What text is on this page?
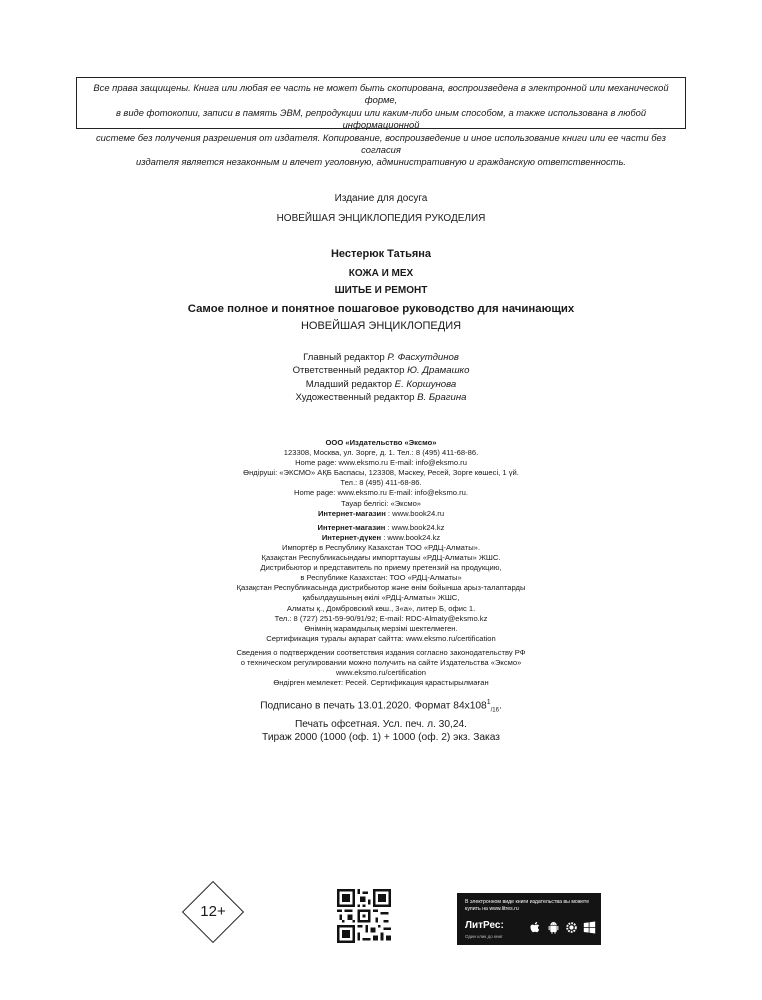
Все права защищены. Книга или любая ее часть не может быть скопирована, воспроизведена в электронной или механической форме,
в виде фотокопии, записи в память ЭВМ, репродукции или каким-либо иным способом, а также использована в любой информационной
системе без получения разрешения от издателя. Копирование, воспроизведение и иное использование книги или ее части без согласия
издателя является незаконным и влечет уголовную, административную и гражданскую ответственность.
Издание для досуга
НОВЕЙШАЯ ЭНЦИКЛОПЕДИЯ РУКОДЕЛИЯ
Нестерюк Татьяна
КОЖА И МЕХ
ШИТЬЕ И РЕМОНТ
Самое полное и понятное пошаговое руководство для начинающих
НОВЕЙШАЯ ЭНЦИКЛОПЕДИЯ
Главный редактор Р. Фасхутдинов
Ответственный редактор Ю. Драмашко
Младший редактор Е. Коршунова
Художественный редактор В. Брагина
ООО «Издательство «Эксмо»
123308, Москва, ул. Зорге, д. 1. Тел.: 8 (495) 411-68-86.
Home page: www.eksmo.ru E-mail: info@eksmo.ru
Өндіруші: «ЭКСМО» АҚБ Баспасы, 123308, Мәскеу, Ресей, Зорге көшесі, 1 үй.
Тел.: 8 (495) 411-68-86.
Home page: www.eksmo.ru E-mail: info@eksmo.ru.
Тауар белгісі: «Эксмо»
Интернет-магазин : www.book24.ru
Интернет-магазин : www.book24.kz
Интернет-дүкен : www.book24.kz
Импортёр в Республику Казахстан ТОО «РДЦ-Алматы».
Қазақстан Республикасындағы импорттаушы «РДЦ-Алматы» ЖШС.
Дистрибьютор и представитель по приему претензий на продукцию,
в Республике Казахстан: ТОО «РДЦ-Алматы»
Қазақстан Республикасында дистрибьютор және өнім бойынша арыз-талаптарды
қабылдаушының өкілі «РДЦ-Алматы» ЖШС,
Алматы қ., Домбровский көш., 3«а», литер Б, офис 1.
Тел.: 8 (727) 251-59-90/91/92; E-mail: RDC-Almaty@eksmo.kz
Өнімнің жарамдылық мерзімі шектелмеген.
Сертификация туралы ақпарат сайтта: www.eksmo.ru/certification
Сведения о подтверждении соответствия издания согласно законодательству РФ
о техническом регулировании можно получить на сайте Издательства «Эксмо»
www.eksmo.ru/certification
Өндірген мемлекет: Ресей. Сертификация қарастырылмаған
Подписано в печать 13.01.2020. Формат $84х108^1_{/16}$.
Печать офсетная. Усл. печ. л. 30,24.
Тираж 2000 (1000 (оф. 1) + 1000 (оф. 2) экз. Заказ
12+
В электронном виде книги издательства вы можете
купить на www.litres.ru
ЛитРес:
Один клик до книг
